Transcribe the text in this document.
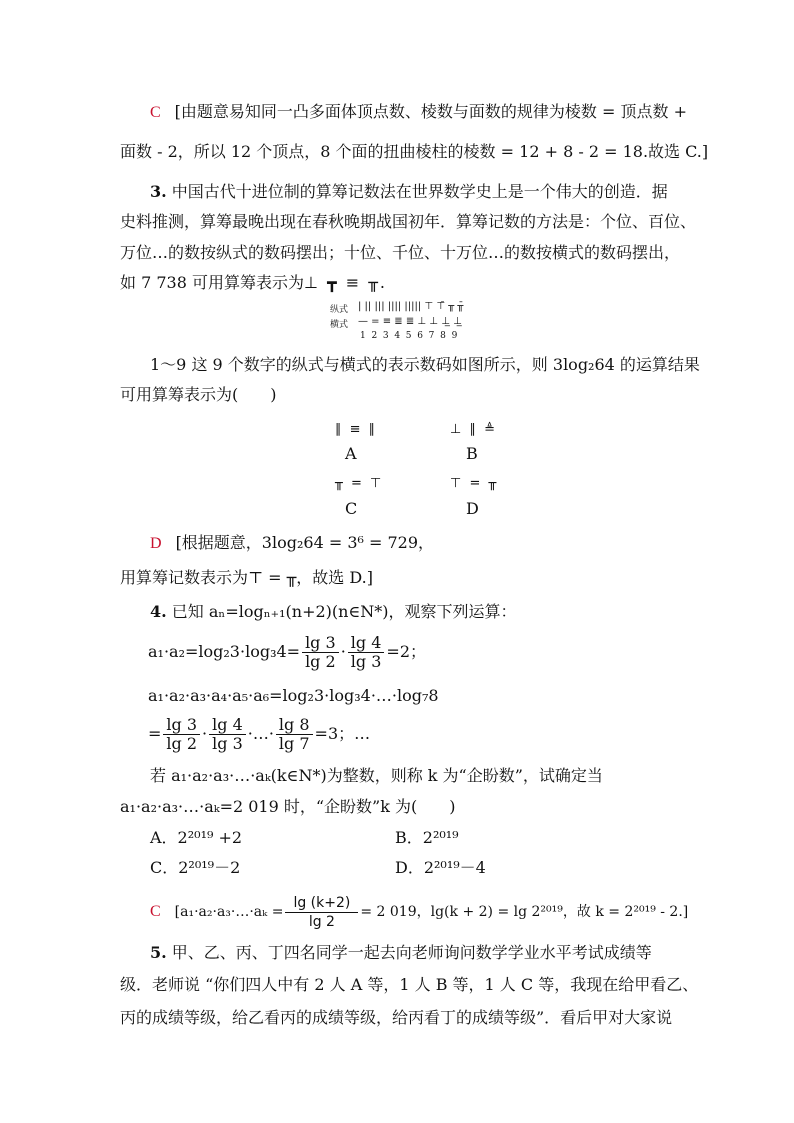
C [由题意易知同一凸多面体顶点数、棱数与面数的规律为棱数 = 顶点数 +
面数 - 2，所以 12 个顶点，8 个面的扭曲棱柱的棱数 = 12 + 8 - 2 = 18.故选 C.]
3. 中国古代十进位制的算筹记数法在世界数学史上是一个伟大的创造．据
史料推测，算筹最晚出现在春秋晚期战国初年．算筹记数的方法是：个位、百位、
万位…的数按纵式的数码摆出；十位、千位、十万位…的数按横式的数码摆出，
如 7 738 可用算筹表示为⊥ ┳ ≡ ╥.
纵式 | || ||| |||| ||||| ⊤ ⊤̄ ╥ ╥̄
横式 — = ≡ ≣ ≣ ⊥ ⊥ ⊥̲ ⊥̲
1  2  3  4  5  6  7  8  9
1～9 这 9 个数字的纵式与横式的表示数码如图所示，则 3log₂64 的运算结果
可用算筹表示为(　　)
∥ ≡ ∥
A
⊥ ∥ ≜
B
╥ = ⊤
C
⊤ = ╥
D
D [根据题意，3log₂64 = 3⁶ = 729，
用算筹记数表示为⊤ = ╥，故选 D.]
4. 已知 aₙ=logₙ₊₁(n+2)(n∈N*)，观察下列运算：
$a_1\cdot a_2=\log_23\cdot\log_34= \frac{\lg 3}{\lg 2} \cdot \frac{\lg 4}{\lg 3} =2$；
a₁·a₂·a₃·a₄·a₅·a₆=log₂3·log₃4·…·log₇8
= $\frac{\lg 3}{\lg 2} \cdot \frac{\lg 4}{\lg 3}$ ·…· $\frac{\lg 8}{\lg 7} =3$；…
若 a₁·a₂·a₃·…·aₖ(k∈N*)为整数，则称 k 为“企盼数”，试确定当
a₁·a₂·a₃·…·aₖ=2 019 时，“企盼数”k 为(　　)
A．2²⁰¹⁹ +2	B．2²⁰¹⁹
C．2²⁰¹⁹－2	D．2²⁰¹⁹－4
C [a₁·a₂·a₃·…·aₖ = $\frac{\lg (k+2)}{\lg 2} = 2$ 019，lg(k + 2) = lg 2²⁰¹⁹，故 k = 2²⁰¹⁹ - 2.]
5. 甲、乙、丙、丁四名同学一起去向老师询问数学学业水平考试成绩等
级．老师说 “你们四人中有 2 人 A 等，1 人 B 等，1 人 C 等，我现在给甲看乙、
丙的成绩等级，给乙看丙的成绩等级，给丙看丁的成绩等级”．看后甲对大家说
